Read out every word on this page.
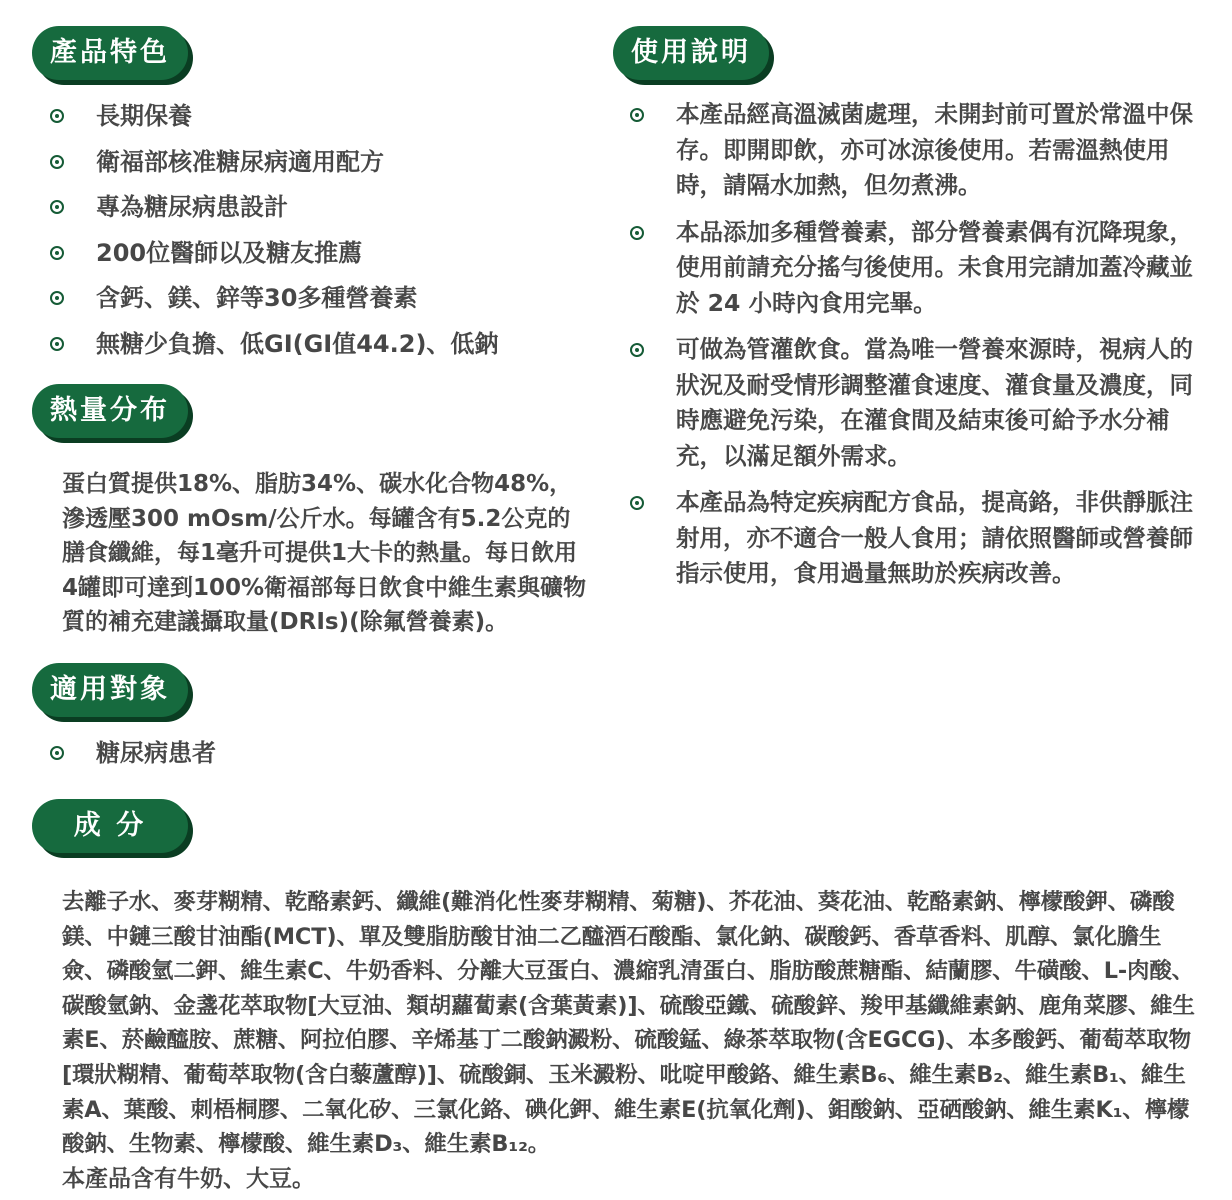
產品特色
長期保養
衛福部核准糖尿病適用配方
專為糖尿病患設計
200位醫師以及糖友推薦
含鈣、鎂、鋅等30多種營養素
無糖少負擔、低GI(GI值44.2)、低鈉
熱量分布

蛋白質提供18%、脂肪34%、碳水化合物48%，滲透壓300 mOsm/公斤水。每罐含有5.2公克的膳食纖維，每1毫升可提供1大卡的熱量。每日飲用4罐即可達到100%衛福部每日飲食中維生素與礦物質的補充建議攝取量(DRIs)(除氟營養素)。

適用對象
糖尿病患者
使用說明
本產品經高溫滅菌處理，未開封前可置於常溫中保存。即開即飲，亦可冰涼後使用。若需溫熱使用時，請隔水加熱，但勿煮沸。
本品添加多種營養素，部分營養素偶有沉降現象，使用前請充分搖勻後使用。未食用完請加蓋冷藏並於 24 小時內食用完畢。
可做為管灌飲食。當為唯一營養來源時，視病人的狀況及耐受情形調整灌食速度、灌食量及濃度，同時應避免污染，在灌食間及結束後可給予水分補充，以滿足額外需求。
本產品為特定疾病配方食品，提高鉻，非供靜脈注射用，亦不適合一般人食用；請依照醫師或營養師指示使用，食用過量無助於疾病改善。
成 分

去離子水、麥芽糊精、乾酪素鈣、纖維(難消化性麥芽糊精、菊糖)、芥花油、葵花油、乾酪素鈉、檸檬酸鉀、磷酸鎂、中鏈三酸甘油酯(MCT)、單及雙脂肪酸甘油二乙醯酒石酸酯、氯化鈉、碳酸鈣、香草香料、肌醇、氯化膽生僉、磷酸氫二鉀、維生素C、牛奶香料、分離大豆蛋白、濃縮乳清蛋白、脂肪酸蔗糖酯、結蘭膠、牛磺酸、L-肉酸、碳酸氫鈉、金盞花萃取物[大豆油、類胡蘿蔔素(含葉黃素)]、硫酸亞鐵、硫酸鋅、羧甲基纖維素鈉、鹿角菜膠、維生素E、菸鹼醯胺、蔗糖、阿拉伯膠、辛烯基丁二酸鈉澱粉、硫酸錳、綠茶萃取物(含EGCG)、本多酸鈣、葡萄萃取物[環狀糊精、葡萄萃取物(含白藜蘆醇)]、硫酸銅、玉米澱粉、吡啶甲酸鉻、維生素B₆、維生素B₂、維生素B₁、維生素A、葉酸、刺梧桐膠、二氧化矽、三氯化鉻、碘化鉀、維生素E(抗氧化劑)、鉬酸鈉、亞硒酸鈉、維生素K₁、檸檬酸鈉、生物素、檸檬酸、維生素D₃、維生素B₁₂。

本產品含有牛奶、大豆。
